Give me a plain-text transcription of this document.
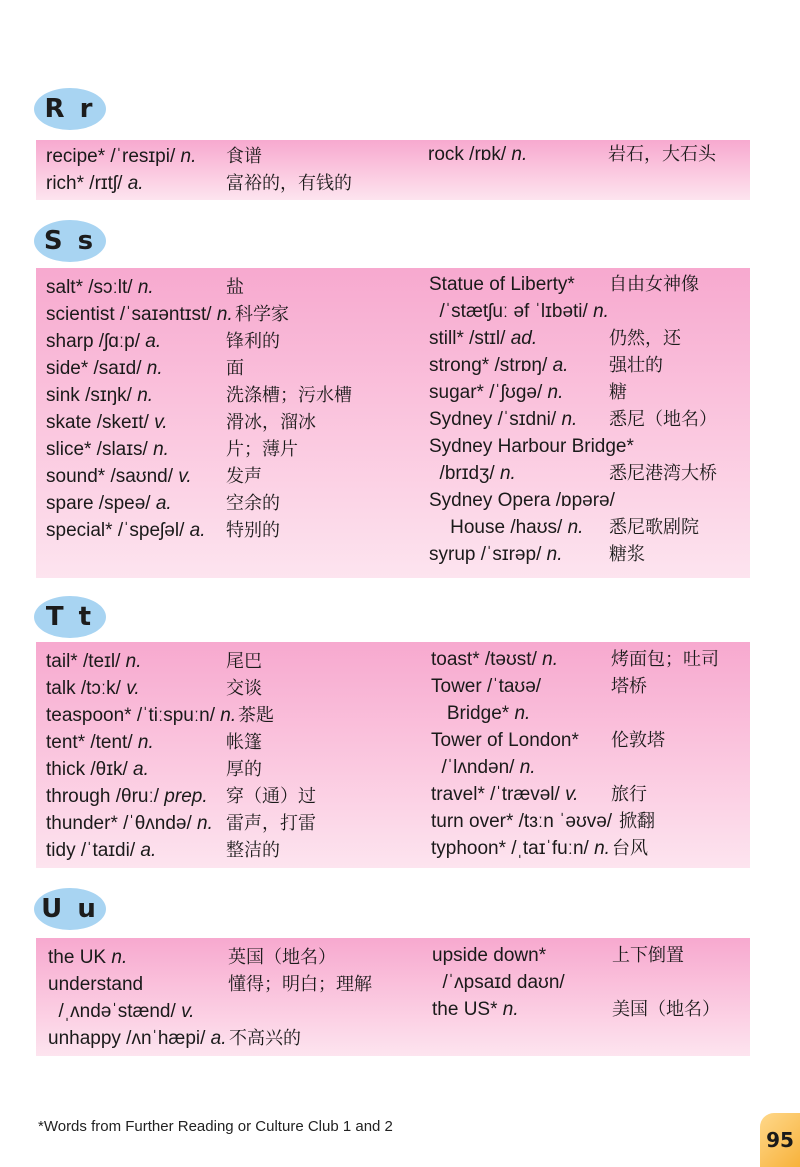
R r
recipe* /ˈresɪpi/ n. 食谱
rich* /rɪtʃ/ a.	富裕的，有钱的
rock /rɒk/ n.	岩石，大石头
S s
salt* /sɔːlt/ n.	盐
scientist /ˈsaɪəntɪst/ n. 科学家
sharp /ʃɑːp/ a.	锋利的
side* /saɪd/ n.	面
sink /sɪŋk/ n.	洗涤槽；污水槽
skate /skeɪt/ v.	滑冰，溜冰
slice* /slaɪs/ n.	片；薄片
sound* /saʊnd/ v. 发声
spare /speə/ a.	空余的
special* /ˈspeʃəl/ a. 特别的
Statue of Liberty* 自由女神像
/ˈstætʃuː əf ˈlɪbəti/ n.
still* /stɪl/ ad.	仍然，还
strong* /strɒŋ/ a. 强壮的
sugar* /ˈʃʊgə/ n.	糖
Sydney /ˈsɪdni/ n. 悉尼（地名）
Sydney Harbour Bridge*
/brɪdʒ/ n.	悉尼港湾大桥
Sydney Opera /ɒpərə/
House /haʊs/ n. 悉尼歌剧院
syrup /ˈsɪrəp/ n.	糖浆
T t
tail* /teɪl/ n.	尾巴
talk /tɔːk/ v.	交谈
teaspoon* /ˈtiːspuːn/ n. 茶匙
tent* /tent/ n.	帐篷
thick /θɪk/ a.	厚的
through /θruː/ prep. 穿（通）过
thunder* /ˈθʌndə/ n. 雷声，打雷
tidy /ˈtaɪdi/ a.	整洁的
toast* /təʊst/ n.	烤面包；吐司
Tower /ˈtaʊə/	塔桥
Bridge* n.
Tower of London* 伦敦塔
/ˈlʌndən/ n.
travel* /ˈtrævəl/ v. 旅行
turn over* /tɜːn ˈəʊvə/ 掀翻
typhoon* /ˌtaɪˈfuːn/ n. 台风
U u
the UK n.	英国（地名）
understand	懂得；明白；理解
/ˌʌndəˈstænd/ v.
unhappy /ʌnˈhæpi/ a. 不高兴的
upside down*	上下倒置
/ˈʌpsaɪd daʊn/
the US* n.	美国（地名）
*Words from Further Reading or Culture Club 1 and 2
95
